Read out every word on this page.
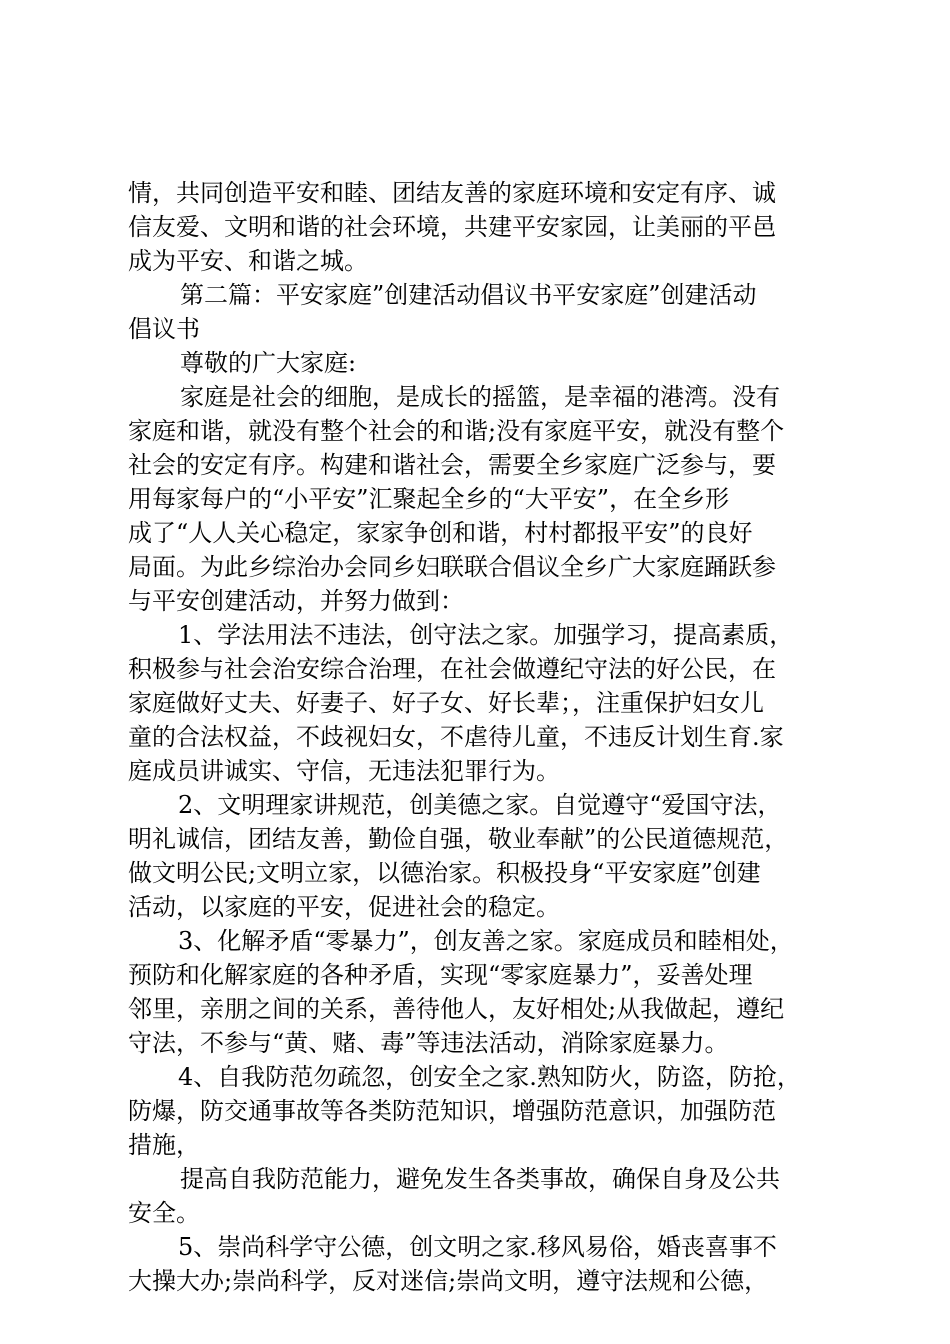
情，共同创造平安和睦、团结友善的家庭环境和安定有序、诚
信友爱、文明和谐的社会环境，共建平安家园，让美丽的平邑
成为平安、和谐之城。
第二篇：平安家庭”创建活动倡议书平安家庭”创建活动
倡议书
尊敬的广大家庭:
家庭是社会的细胞，是成长的摇篮，是幸福的港湾。没有
家庭和谐，就没有整个社会的和谐;没有家庭平安，就没有整个
社会的安定有序。构建和谐社会，需要全乡家庭广泛参与，要
用每家每户的“小平安”汇聚起全乡的“大平安”，在全乡形
成了“人人关心稳定，家家争创和谐，村村都报平安”的良好
局面。为此乡综治办会同乡妇联联合倡议全乡广大家庭踊跃参
与平安创建活动，并努力做到：
1、学法用法不违法，创守法之家。加强学习，提高素质，
积极参与社会治安综合治理，在社会做遵纪守法的好公民，在
家庭做好丈夫、好妻子、好子女、好长辈；，注重保护妇女儿
童的合法权益，不歧视妇女，不虐待儿童，不违反计划生育.家
庭成员讲诚实、守信，无违法犯罪行为。
2、文明理家讲规范，创美德之家。自觉遵守“爱国守法，
明礼诚信，团结友善，勤俭自强，敬业奉献”的公民道德规范，
做文明公民;文明立家，以德治家。积极投身“平安家庭”创建
活动，以家庭的平安，促进社会的稳定。
3、化解矛盾“零暴力”，创友善之家。家庭成员和睦相处，
预防和化解家庭的各种矛盾，实现“零家庭暴力”，妥善处理
邻里，亲朋之间的关系，善待他人，友好相处;从我做起，遵纪
守法，不参与“黄、赌、毒”等违法活动，消除家庭暴力。
4、自我防范勿疏忽，创安全之家.熟知防火，防盗，防抢，
防爆，防交通事故等各类防范知识，增强防范意识，加强防范
措施，
提高自我防范能力，避免发生各类事故，确保自身及公共
安全。
5、崇尚科学守公德，创文明之家.移风易俗，婚丧喜事不
大操大办;崇尚科学，反对迷信;崇尚文明，遵守法规和公德，
